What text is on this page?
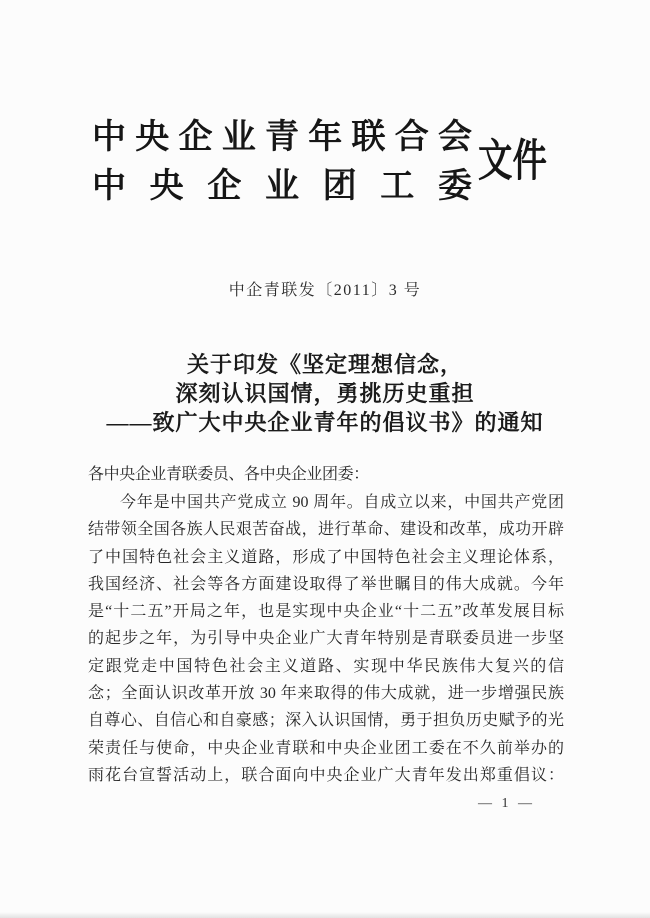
中 央 企 业 青 年 联 合 会
中 央 企 业 团 工 委
文件
中企青联发〔2011〕3 号
关于印发《坚定理想信念，
深刻认识国情，勇挑历史重担
——致广大中央企业青年的倡议书》的通知
各中央企业青联委员、各中央企业团委：
今年是中国共产党成立 90 周年。自成立以来，中国共产党团
结带领全国各族人民艰苦奋战，进行革命、建设和改革，成功开辟
了中国特色社会主义道路，形成了中国特色社会主义理论体系，
我国经济、社会等各方面建设取得了举世瞩目的伟大成就。今年
是“十二五”开局之年，也是实现中央企业“十二五”改革发展目标
的起步之年，为引导中央企业广大青年特别是青联委员进一步坚
定跟党走中国特色社会主义道路、实现中华民族伟大复兴的信
念；全面认识改革开放 30 年来取得的伟大成就，进一步增强民族
自尊心、自信心和自豪感；深入认识国情，勇于担负历史赋予的光
荣责任与使命，中央企业青联和中央企业团工委在不久前举办的
雨花台宣誓活动上，联合面向中央企业广大青年发出郑重倡议：
— 1 —
